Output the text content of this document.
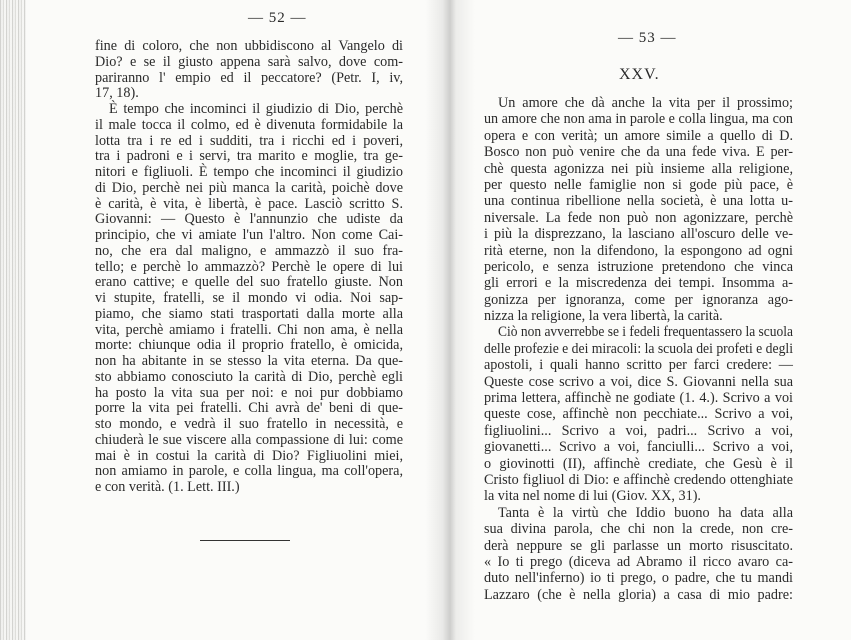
— 52 —
fine di coloro, che non ubbidiscono al Vangelo di
Dio? e se il giusto appena sarà salvo, dove com-
pariranno l' empio ed il peccatore? (Petr. I, iv,
17, 18).
È tempo che incominci il giudizio di Dio, perchè
il male tocca il colmo, ed è divenuta formidabile la
lotta tra i re ed i sudditi, tra i ricchi ed i poveri,
tra i padroni e i servi, tra marito e moglie, tra ge-
nitori e figliuoli. È tempo che incominci il giudizio
di Dio, perchè nei più manca la carità, poichè dove
è carità, è vita, è libertà, è pace. Lasciò scritto S.
Giovanni: — Questo è l'annunzio che udiste da
principio, che vi amiate l'un l'altro. Non come Cai-
no, che era dal maligno, e ammazzò il suo fra-
tello; e perchè lo ammazzò? Perchè le opere di lui
erano cattive; e quelle del suo fratello giuste. Non
vi stupite, fratelli, se il mondo vi odia. Noi sap-
piamo, che siamo stati trasportati dalla morte alla
vita, perchè amiamo i fratelli. Chi non ama, è nella
morte: chiunque odia il proprio fratello, è omicida,
non ha abitante in se stesso la vita eterna. Da que-
sto abbiamo conosciuto la carità di Dio, perchè egli
ha posto la vita sua per noi: e noi pur dobbiamo
porre la vita pei fratelli. Chi avrà de' beni di que-
sto mondo, e vedrà il suo fratello in necessità, e
chiuderà le sue viscere alla compassione di lui: come
mai è in costui la carità di Dio? Figliuolini miei,
non amiamo in parole, e colla lingua, ma coll'opera,
e con verità. (1. Lett. III.)
— 53 —
XXV.
Un amore che dà anche la vita per il prossimo;
un amore che non ama in parole e colla lingua, ma con
opera e con verità; un amore simile a quello di D.
Bosco non può venire che da una fede viva. E per-
chè questa agonizza nei più insieme alla religione,
per questo nelle famiglie non si gode più pace, è
una continua ribellione nella società, è una lotta u-
niversale. La fede non può non agonizzare, perchè
i più la disprezzano, la lasciano all'oscuro delle ve-
rità eterne, non la difendono, la espongono ad ogni
pericolo, e senza istruzione pretendono che vinca
gli errori e la miscredenza dei tempi. Insomma a-
gonizza per ignoranza, come per ignoranza ago-
nizza la religione, la vera libertà, la carità.
Ciò non avverrebbe se i fedeli frequentassero la scuola
delle profezie e dei miracoli: la scuola dei profeti e degli
apostoli, i quali hanno scritto per farci credere: —
Queste cose scrivo a voi, dice S. Giovanni nella sua
prima lettera, affinchè ne godiate (1. 4.). Scrivo a voi
queste cose, affinchè non pecchiate... Scrivo a voi,
figliuolini... Scrivo a voi, padri... Scrivo a voi,
giovanetti... Scrivo a voi, fanciulli... Scrivo a voi,
o giovinotti (II), affinchè crediate, che Gesù è il
Cristo figliuol di Dio: e affinchè credendo ottenghiate
la vita nel nome di lui (Giov. XX, 31).
Tanta è la virtù che Iddio buono ha data alla
sua divina parola, che chi non la crede, non cre-
derà neppure se gli parlasse un morto risuscitato.
« Io ti prego (diceva ad Abramo il ricco avaro ca-
duto nell'inferno) io ti prego, o padre, che tu mandi
Lazzaro (che è nella gloria) a casa di mio padre:
